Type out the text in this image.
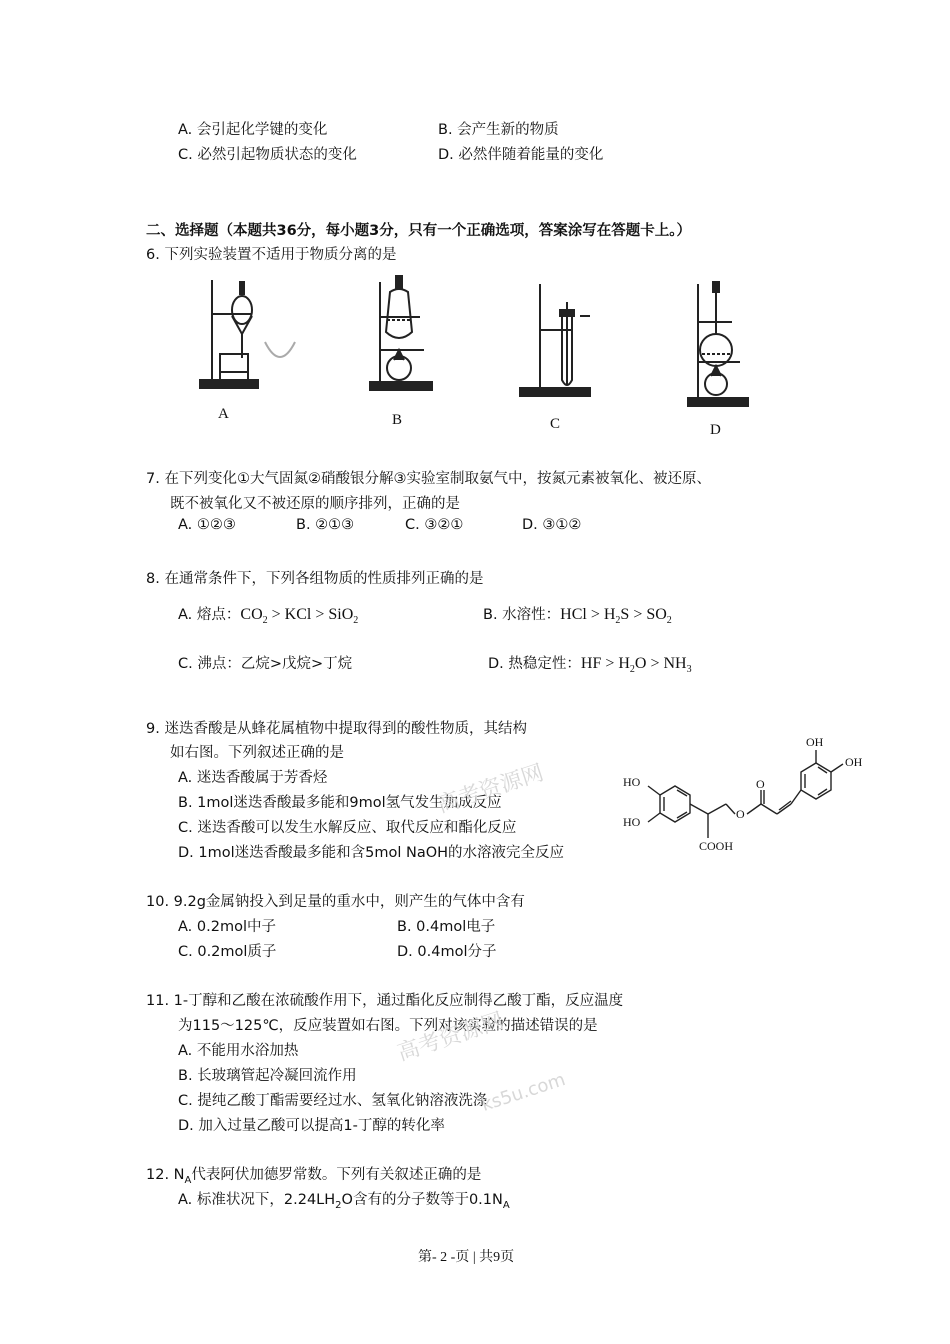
A. 会引起化学键的变化	B. 会产生新的物质
C. 必然引起物质状态的变化	D. 必然伴随着能量的变化
二、选择题（本题共36分，每小题3分，只有一个正确选项，答案涂写在答题卡上。）
6. 下列实验装置不适用于物质分离的是
A	B	C	D
7. 在下列变化①大气固氮②硝酸银分解③实验室制取氨气中，按氮元素被氧化、被还原、
既不被氧化又不被还原的顺序排列，正确的是
A. ①②③	B. ②①③	C. ③②①	D. ③①②
8. 在通常条件下，下列各组物质的性质排列正确的是
A. 熔点：$CO_2$ > KCl > SiO$_2$	B. 水溶性：HCl > $H_2S > SO_2$
C. 沸点：乙烷>戊烷>丁烷	D. 热稳定性：HF > $H_2O > NH_3$
9. 迷迭香酸是从蜂花属植物中提取得到的酸性物质，其结构
如右图。下列叙述正确的是
A. 迷迭香酸属于芳香烃
B. 1mol迷迭香酸最多能和9mol氢气发生加成反应
C. 迷迭香酸可以发生水解反应、取代反应和酯化反应
D. 1mol迷迭香酸最多能和含5mol NaOH的水溶液完全反应
OH
OH
HO
HO
O
O
COOH
10. 9.2g金属钠投入到足量的重水中，则产生的气体中含有
A. 0.2mol中子	B. 0.4mol电子
C. 0.2mol质子	D. 0.4mol分子
11. 1-丁醇和乙酸在浓硫酸作用下，通过酯化反应制得乙酸丁酯，反应温度
为115～125℃，反应装置如右图。下列对该实验的描述错误的是
A. 不能用水浴加热
B. 长玻璃管起冷凝回流作用
C. 提纯乙酸丁酯需要经过水、氢氧化钠溶液洗涤
D. 加入过量乙酸可以提高1-丁醇的转化率
12. $N_A$代表阿伏加德罗常数。下列有关叙述正确的是
A. 标准状况下，$2.24LH_2O$含有的分子数等于$0.1N_A$
高考资源网
高考资源网
ks5u.com
第- 2 -页 | 共9页
